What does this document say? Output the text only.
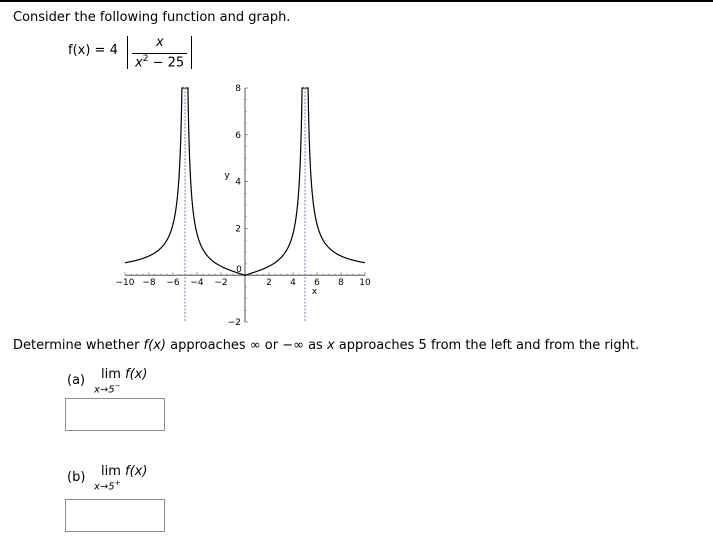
Consider the following function and graph.
f(x) = 4
x
$x^2 - 25$
−10 −8 −6 −4 −2
0
2 4 6 8 10
−2
2
4
6
8
y
x
Determine whether f(x) approaches ∞ or −∞ as x approaches 5 from the left and from the right.
(a) lim f(x)
x→5−
(b) lim f(x)
x→5+
